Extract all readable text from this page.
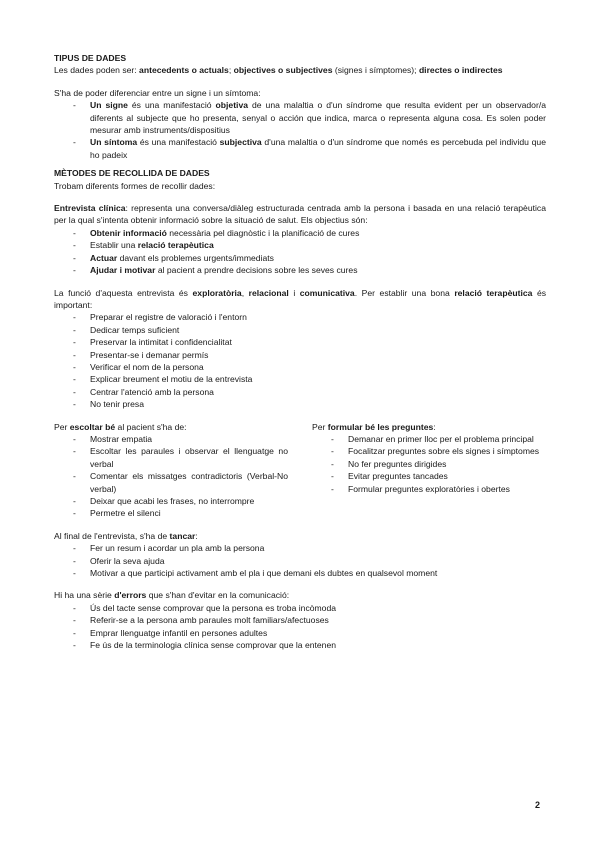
TIPUS DE DADES

Les dades poden ser: antecedents o actuals; objectives o subjectives (signes i símptomes); directes o indirectes

S'ha de poder diferenciar entre un signe i un símtoma:

- Un signe és una manifestació objetiva de una malaltia o d'un síndrome que resulta evident per un observador/a diferents al subjecte que ho presenta, senyal o acción que indica, marca o representa alguna cosa. Es solen poder mesurar amb instruments/dispositius
- Un síntoma és una manifestació subjectiva d'una malaltia o d'un síndrome que només es percebuda pel individu que ho padeix

MÈTODES DE RECOLLIDA DE DADES

Trobam diferents formes de recollir dades:

Entrevista clínica: representa una conversa/diàleg estructurada centrada amb la persona i basada en una relació terapèutica per la qual s'intenta obtenir informació sobre la situació de salut. Els objectius són:

- Obtenir informació necessària pel diagnòstic i la planificació de cures
- Establir una relació terapèutica
- Actuar davant els problemes urgents/immediats
- Ajudar i motivar al pacient a prendre decisions sobre les seves cures

La funció d'aquesta entrevista és exploratòria, relacional i comunicativa. Per establir una bona relació terapèutica és important:

- Preparar el registre de valoració i l'entorn
- Dedicar temps suficient
- Preservar la intimitat i confidencialitat
- Presentar-se i demanar permís
- Verificar el nom de la persona
- Explicar breument el motiu de la entrevista
- Centrar l'atenció amb la persona
- No tenir presa

Per escoltar bé al pacient s'ha de:

- Mostrar empatia
- Escoltar les paraules i observar el llenguatge no verbal
- Comentar els missatges contradictoris (Verbal-No verbal)
- Deixar que acabi les frases, no interrompre
- Permetre el silenci

Per formular bé les preguntes:

- Demanar en primer lloc per el problema principal
- Focalitzar preguntes sobre els signes i símptomes
- No fer preguntes dirigides
- Evitar preguntes tancades
- Formular preguntes exploratòries i obertes

Al final de l'entrevista, s'ha de tancar:

- Fer un resum i acordar un pla amb la persona
- Oferir la seva ajuda
- Motivar a que participi activament amb el pla i que demani els dubtes en qualsevol moment

Hi ha una sèrie d'errors que s'han d'evitar en la comunicació:

- Ús del tacte sense comprovar que la persona es troba incòmoda
- Referir-se a la persona amb paraules molt familiars/afectuoses
- Emprar llenguatge infantil en persones adultes
- Fe ús de la terminologia clínica sense comprovar que la entenen
2
